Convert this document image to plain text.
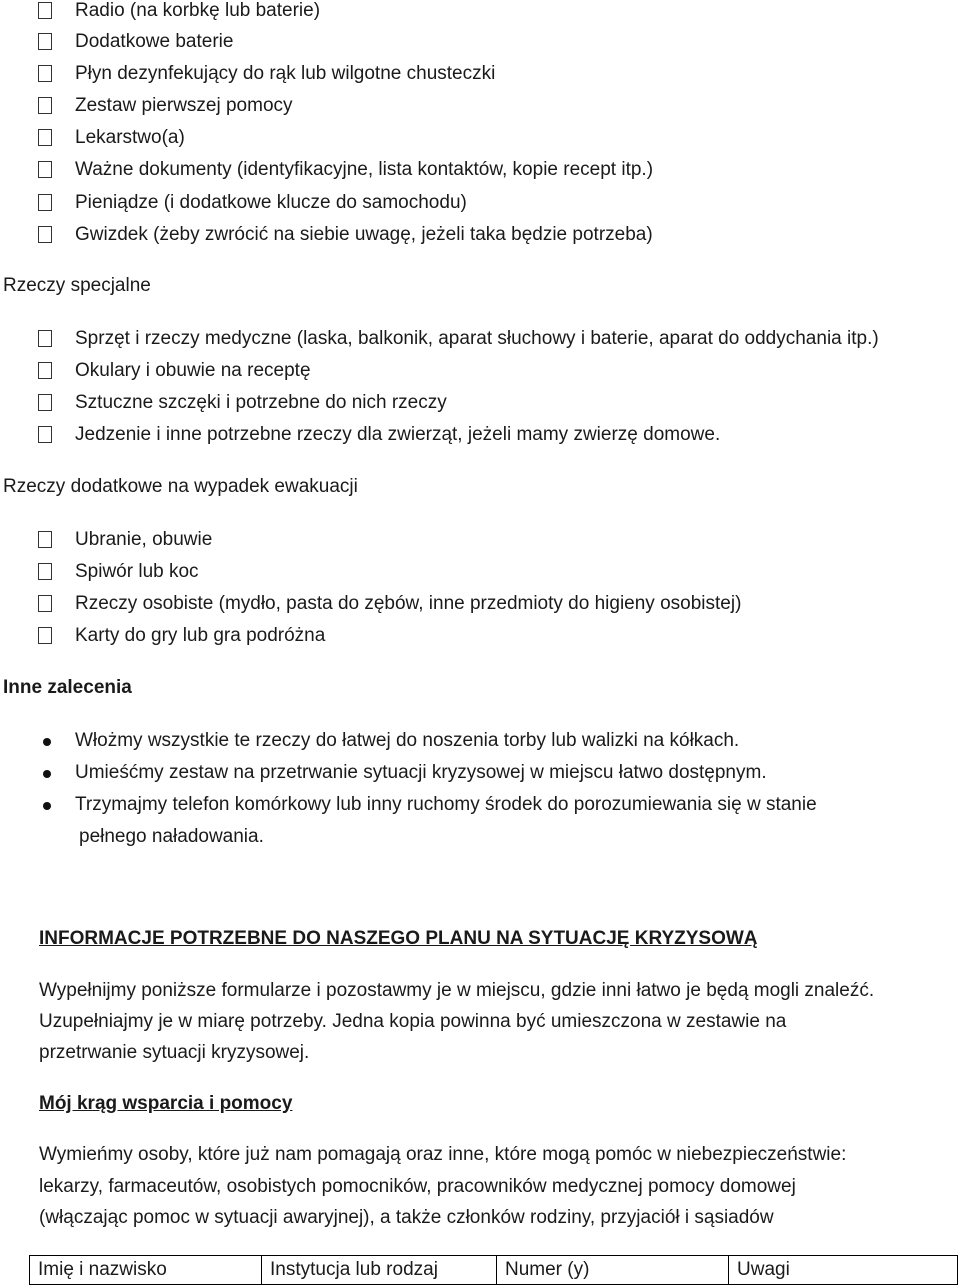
Radio (na korbkę lub baterie)
Dodatkowe baterie
Płyn dezynfekujący do rąk lub wilgotne chusteczki
Zestaw pierwszej pomocy
Lekarstwo(a)
Ważne dokumenty (identyfikacyjne, lista kontaktów, kopie recept itp.)
Pieniądze (i dodatkowe klucze do samochodu)
Gwizdek (żeby zwrócić na siebie uwagę, jeżeli taka będzie potrzeba)
Rzeczy specjalne
Sprzęt i rzeczy medyczne (laska, balkonik, aparat słuchowy i baterie, aparat do oddychania itp.)
Okulary i obuwie na receptę
Sztuczne szczęki i potrzebne do nich rzeczy
Jedzenie i inne potrzebne rzeczy dla zwierząt, jeżeli mamy zwierzę domowe.
Rzeczy dodatkowe na wypadek ewakuacji
Ubranie, obuwie
Spiwór lub koc
Rzeczy osobiste (mydło, pasta do zębów, inne przedmioty do higieny osobistej)
Karty do gry lub gra podróżna
Inne zalecenia
Włożmy wszystkie te rzeczy do łatwej do noszenia torby lub walizki na kółkach.
Umieśćmy zestaw na przetrwanie sytuacji kryzysowej w miejscu łatwo dostępnym.
Trzymajmy telefon komórkowy lub inny ruchomy środek do porozumiewania się w stanie
pełnego naładowania.
INFORMACJE POTRZEBNE DO NASZEGO PLANU NA SYTUACJĘ KRYZYSOWĄ
Wypełnijmy poniższe formularze i pozostawmy je w miejscu, gdzie inni łatwo je będą mogli znaleźć.
Uzupełniajmy je w miarę potrzeby. Jedna kopia powinna być umieszczona w zestawie na
przetrwanie sytuacji kryzysowej.
Mój krąg wsparcia i pomocy
Wymieńmy osoby, które już nam pomagają oraz inne, które mogą pomóc w niebezpieczeństwie:
lekarzy, farmaceutów, osobistych pomocników, pracowników medycznej pomocy domowej
(włączając pomoc w sytuacji awaryjnej), a także członków rodziny, przyjaciół i sąsiadów
Imię i nazwisko	Instytucja lub rodzaj	Numer (y)	Uwagi
